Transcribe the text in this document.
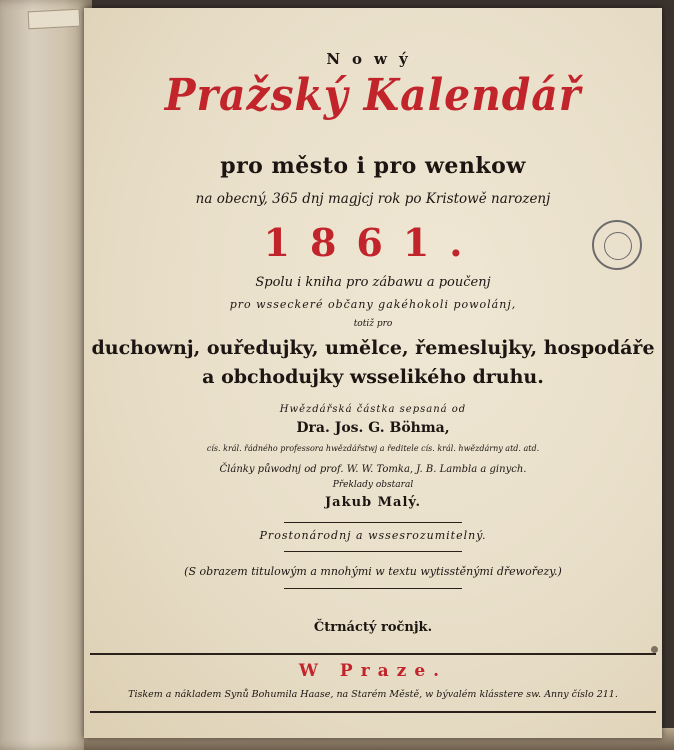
Nowý
Pražský Kalendář
pro město i pro wenkow
na obecný, 365 dnj magjcj rok po Kristowě narozenj
1861.
Spolu i kniha pro zábawu a poučenj
pro wsseckeré občany gakéhokoli powolánj,
totiž pro
duchownj, ouředujky, umělce, řemeslujky, hospodáře
a obchodujky wsselikého druhu.
Hwězdářská částka sepsaná od
Dra. Jos. G. Böhma,
cís. král. řádného professora hwězdářstwj a ředitele cís. král. hwězdárny atd. atd.
Články půwodnj od prof. W. W. Tomka, J. B. Lambla a ginych.
Překlady obstaral
Jakub Malý.
Prostonárodnj a wssesrozumitelný.
(S obrazem titulowým a mnohými w textu wytisstěnými dřewořezy.)
Čtrnáctý ročnjk.
W Praze.
Tiskem a nákladem Synů Bohumila Haase, na Starém Městě, w bývalém klásstere sw. Anny číslo 211.
